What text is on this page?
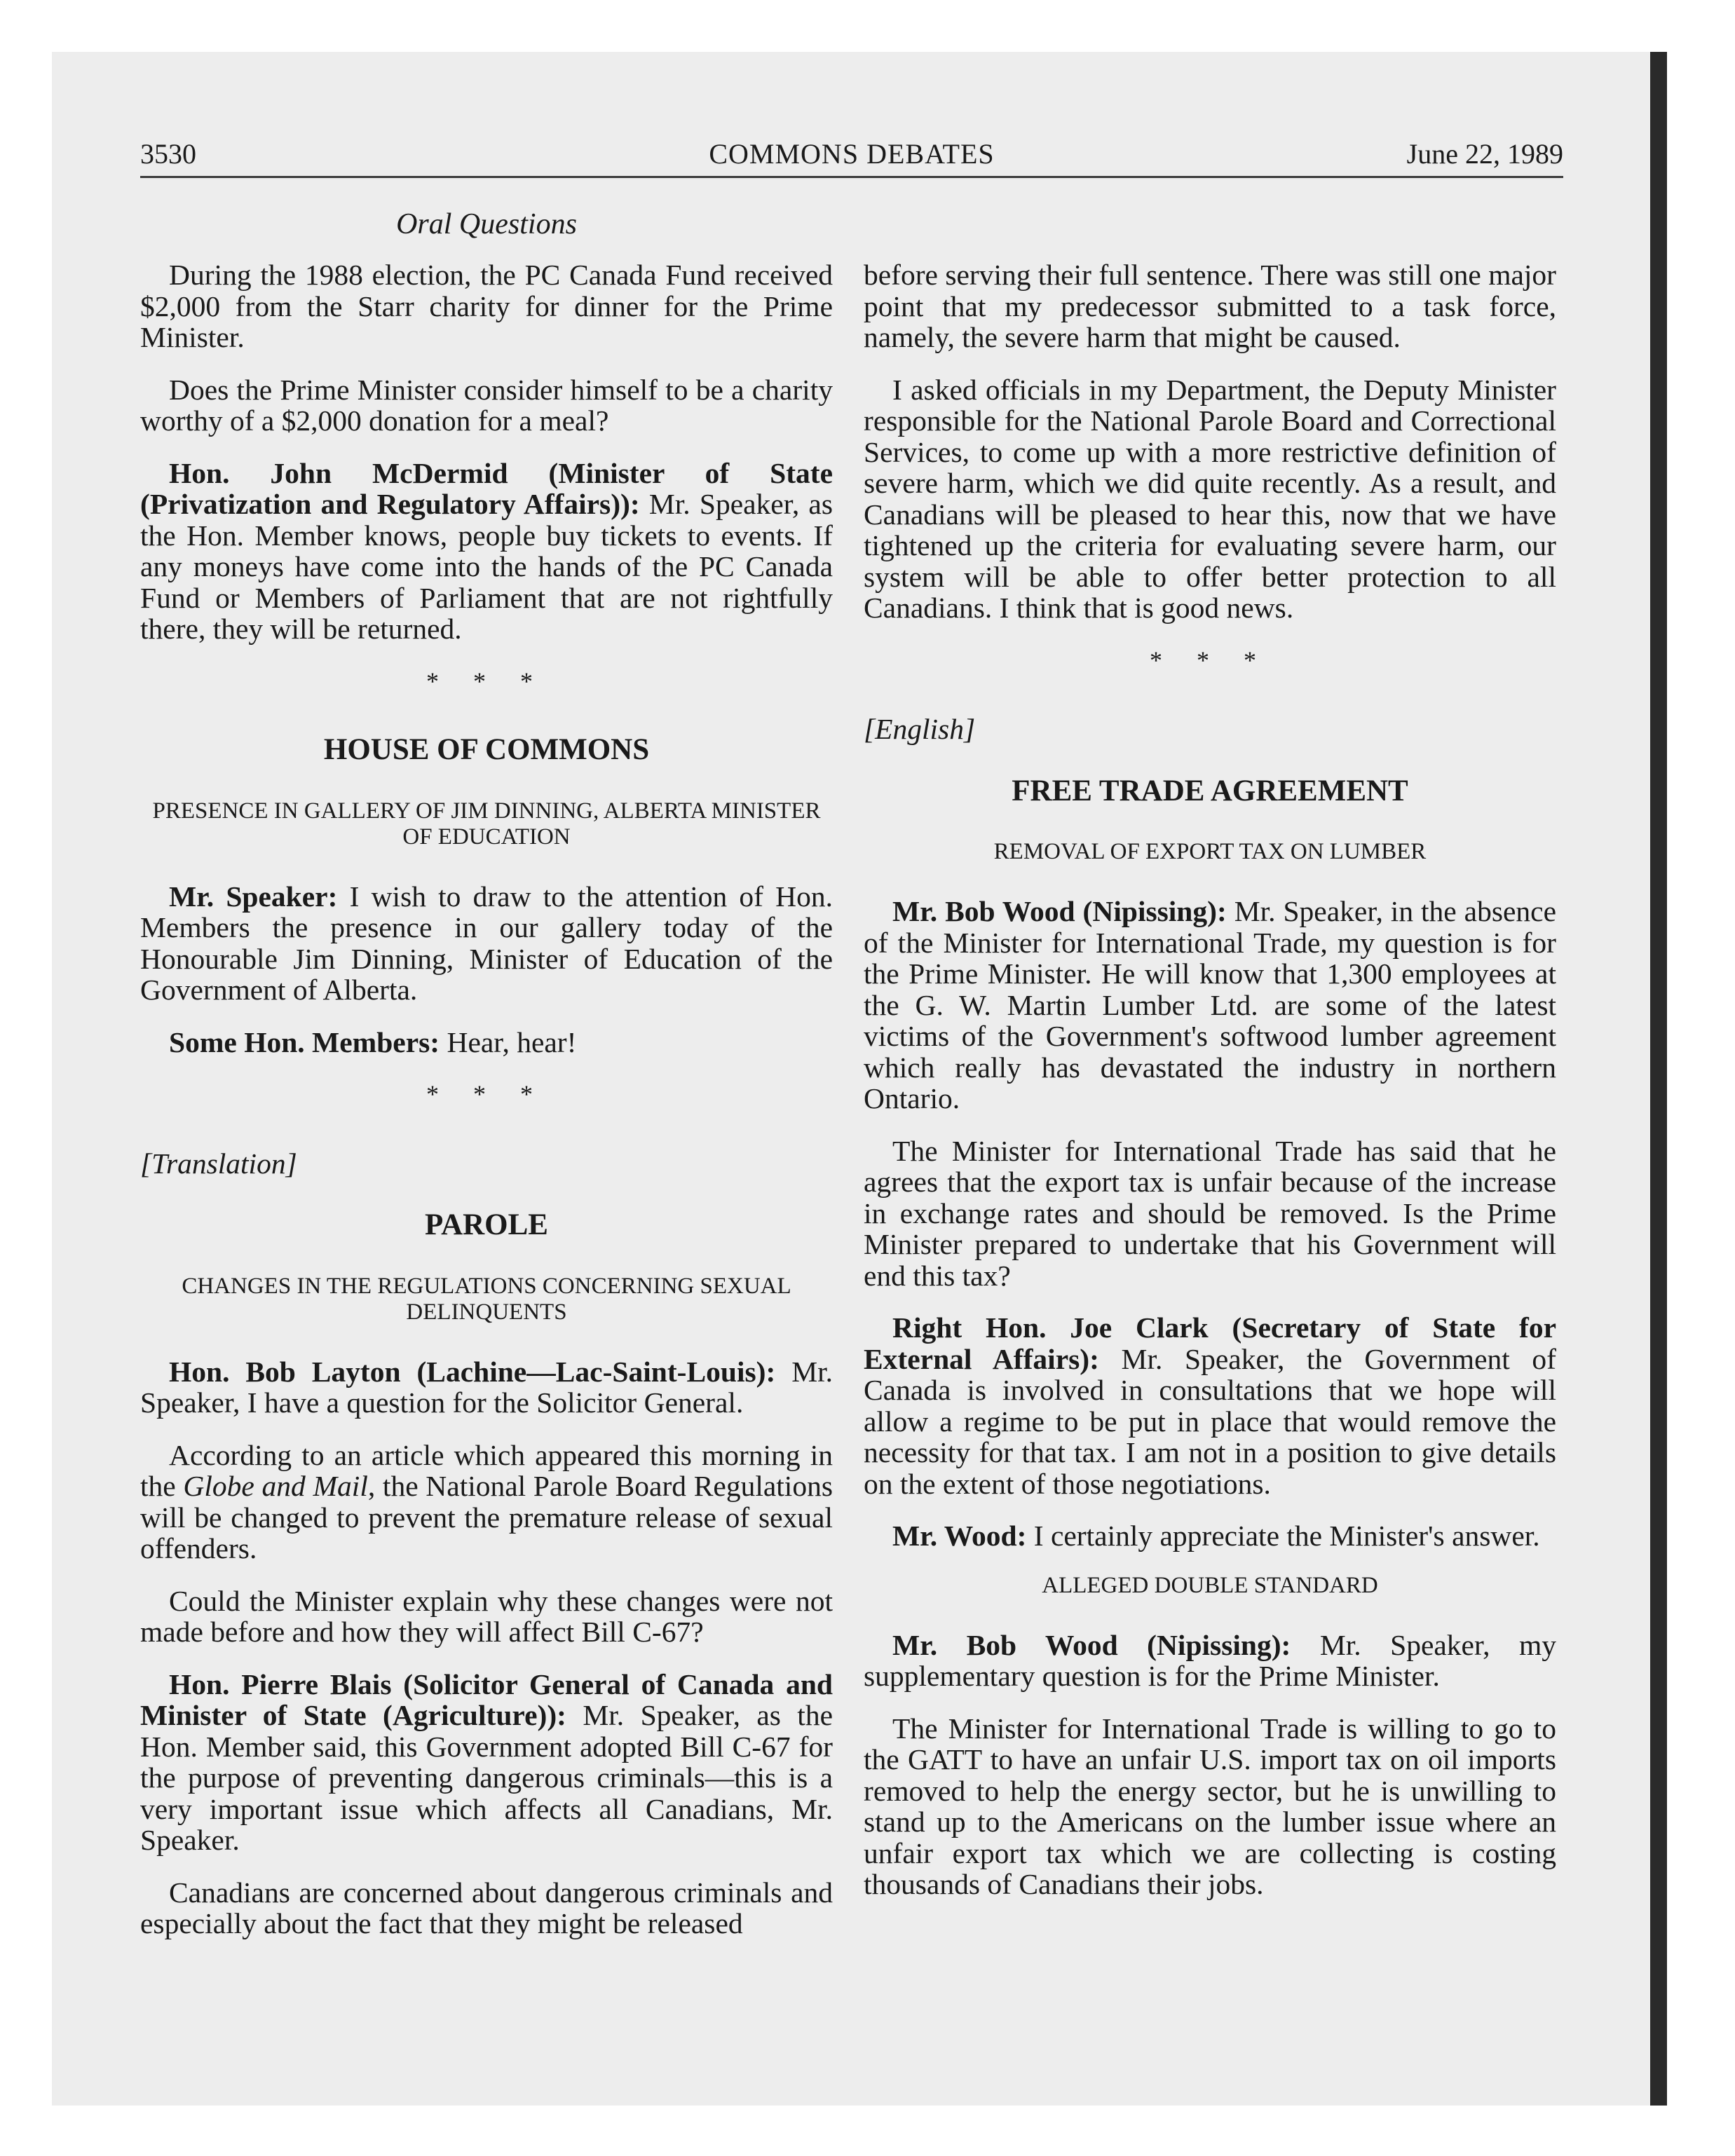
3530	COMMONS DEBATES	June 22, 1989
Oral Questions

During the 1988 election, the PC Canada Fund received $2,000 from the Starr charity for dinner for the Prime Minister.

Does the Prime Minister consider himself to be a charity worthy of a $2,000 donation for a meal?

Hon. John McDermid (Minister of State (Privatization and Regulatory Affairs)): Mr. Speaker, as the Hon. Member knows, people buy tickets to events. If any moneys have come into the hands of the PC Canada Fund or Members of Parliament that are not rightfully there, they will be returned.

* * *
HOUSE OF COMMONS
PRESENCE IN GALLERY OF JIM DINNING, ALBERTA MINISTER OF EDUCATION

Mr. Speaker: I wish to draw to the attention of Hon. Members the presence in our gallery today of the Honourable Jim Dinning, Minister of Education of the Government of Alberta.

Some Hon. Members: Hear, hear!

* * *
[Translation]
PAROLE
CHANGES IN THE REGULATIONS CONCERNING SEXUAL DELINQUENTS

Hon. Bob Layton (Lachine—Lac-Saint-Louis): Mr. Speaker, I have a question for the Solicitor General.

According to an article which appeared this morning in the Globe and Mail, the National Parole Board Regulations will be changed to prevent the premature release of sexual offenders.

Could the Minister explain why these changes were not made before and how they will affect Bill C-67?

Hon. Pierre Blais (Solicitor General of Canada and Minister of State (Agriculture)): Mr. Speaker, as the Hon. Member said, this Government adopted Bill C-67 for the purpose of preventing dangerous criminals—this is a very important issue which affects all Canadians, Mr. Speaker.

Canadians are concerned about dangerous criminals and especially about the fact that they might be released

before serving their full sentence. There was still one major point that my predecessor submitted to a task force, namely, the severe harm that might be caused.

I asked officials in my Department, the Deputy Minister responsible for the National Parole Board and Correctional Services, to come up with a more restrictive definition of severe harm, which we did quite recently. As a result, and Canadians will be pleased to hear this, now that we have tightened up the criteria for evaluating severe harm, our system will be able to offer better protection to all Canadians. I think that is good news.

* * *
[English]
FREE TRADE AGREEMENT
REMOVAL OF EXPORT TAX ON LUMBER

Mr. Bob Wood (Nipissing): Mr. Speaker, in the absence of the Minister for International Trade, my question is for the Prime Minister. He will know that 1,300 employees at the G. W. Martin Lumber Ltd. are some of the latest victims of the Government's softwood lumber agreement which really has devastated the industry in northern Ontario.

The Minister for International Trade has said that he agrees that the export tax is unfair because of the increase in exchange rates and should be removed. Is the Prime Minister prepared to undertake that his Government will end this tax?

Right Hon. Joe Clark (Secretary of State for External Affairs): Mr. Speaker, the Government of Canada is involved in consultations that we hope will allow a regime to be put in place that would remove the necessity for that tax. I am not in a position to give details on the extent of those negotiations.

Mr. Wood: I certainly appreciate the Minister's answer.

ALLEGED DOUBLE STANDARD

Mr. Bob Wood (Nipissing): Mr. Speaker, my supplementary question is for the Prime Minister.

The Minister for International Trade is willing to go to the GATT to have an unfair U.S. import tax on oil imports removed to help the energy sector, but he is unwilling to stand up to the Americans on the lumber issue where an unfair export tax which we are collecting is costing thousands of Canadians their jobs.
